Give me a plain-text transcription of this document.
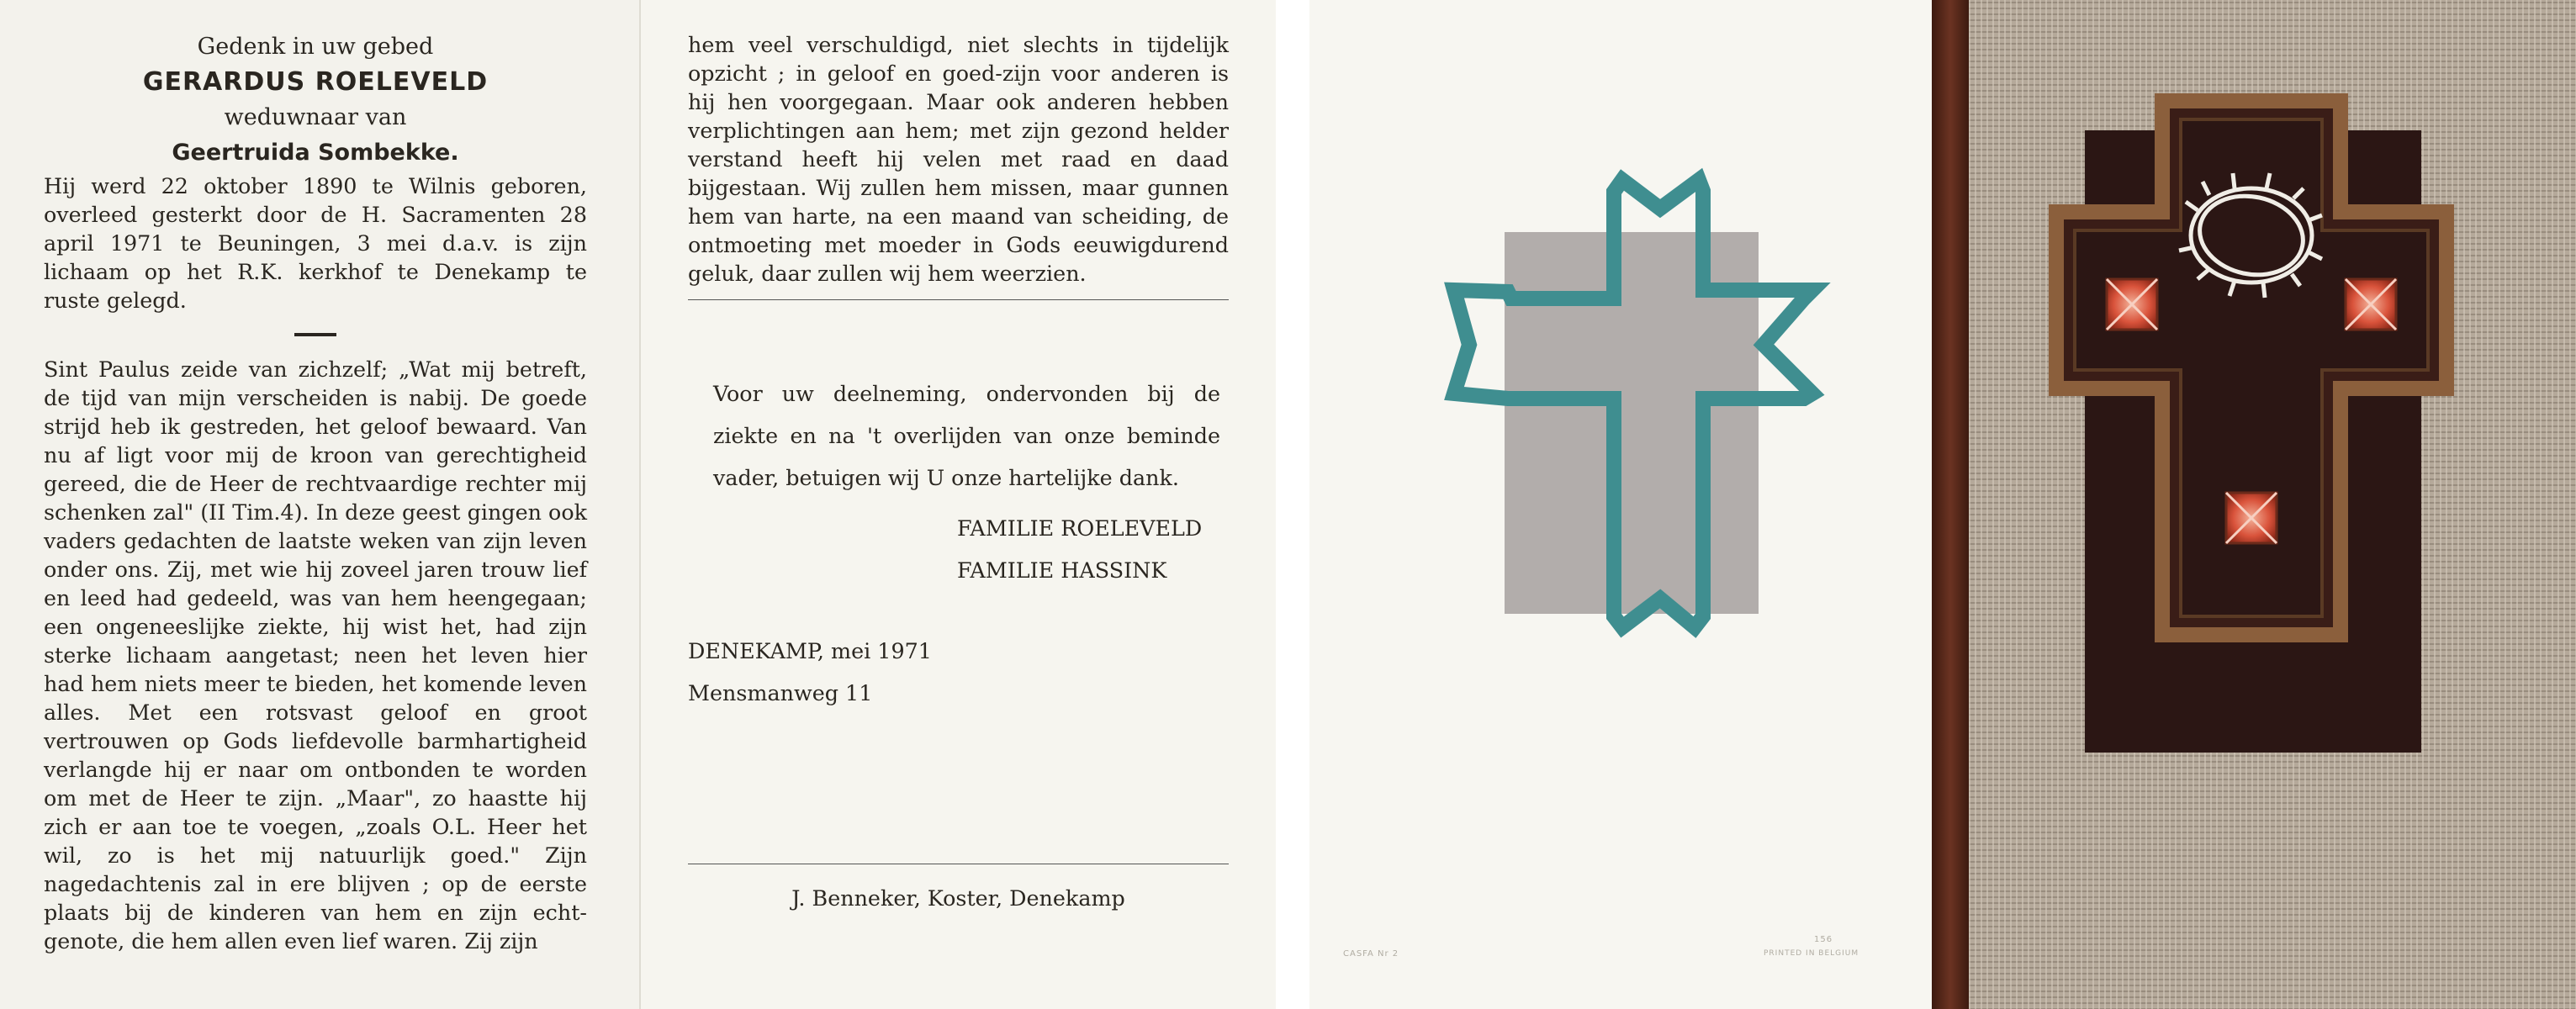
Gedenk in uw gebed
GERARDUS ROELEVELD
weduwnaar van
Geertruida Sombekke.
Hij werd 22 oktober 1890 te Wilnis geboren, overleed gesterkt door de H. Sacramenten 28 april 1971 te Beuningen, 3 mei d.a.v. is zijn lichaam op het R.K. kerkhof te Denekamp te ruste gelegd.
Sint Paulus zeide van zichzelf; „Wat mij betreft, de tijd van mijn verscheiden is nabij. De goede strijd heb ik gestreden, het geloof bewaard. Van nu af ligt voor mij de kroon van gerechtigheid gereed, die de Heer de rechtvaardige rechter mij schenken zal" (II Tim.4). In deze geest gingen ook vaders gedachten de laatste weken van zijn leven onder ons. Zij, met wie hij zoveel jaren trouw lief en leed had gedeeld, was van hem heengegaan; een ongeneeslijke ziekte, hij wist het, had zijn sterke lichaam aangetast; neen het leven hier had hem niets meer te bieden, het komende leven alles. Met een rotsvast geloof en groot vertrouwen op Gods liefdevolle barmhartigheid verlangde hij er naar om ontbonden te worden om met de Heer te zijn. „Maar", zo haastte hij zich er aan toe te voegen, „zoals O.L. Heer het wil, zo is het mij natuurlijk goed." Zijn nagedachtenis zal in ere blijven ; op de eerste plaats bij de kinderen van hem en zijn echtgenote, die hem allen even lief waren. Zij zijn
hem veel verschuldigd, niet slechts in tijdelijk opzicht ; in geloof en goed-zijn voor anderen is hij hen voorgegaan. Maar ook anderen hebben verplichtingen aan hem; met zijn gezond helder verstand heeft hij velen met raad en daad bijgestaan. Wij zullen hem missen, maar gunnen hem van harte, na een maand van scheiding, de ontmoeting met moeder in Gods eeuwigdurend geluk, daar zullen wij hem weerzien.
Voor uw deelneming, ondervonden bij de ziekte en na 't overlijden van onze beminde vader, betuigen wij U onze hartelijke dank.
FAMILIE ROELEVELD
FAMILIE HASSINK
DENEKAMP, mei 1971
Mensmanweg 11
J. Benneker, Koster, Denekamp
CASFA Nr 2
156
PRINTED IN BELGIUM
